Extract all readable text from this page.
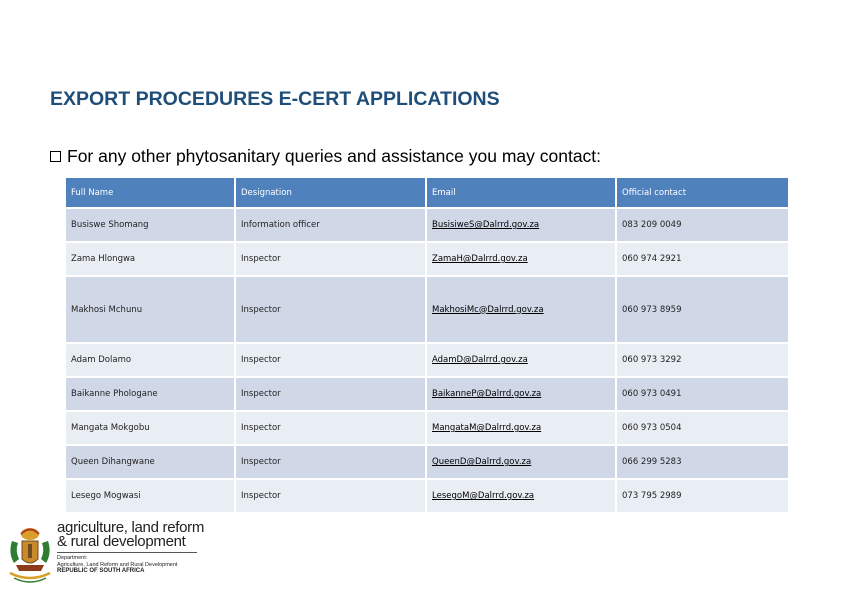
EXPORT PROCEDURES E-CERT APPLICATIONS
For any other phytosanitary queries and assistance you may contact:
Full Name	Designation	Email	Official contact
Busiswe Shomang	Information officer	BusisiweS@Dalrrd.gov.za	083 209 0049
Zama Hlongwa	Inspector	ZamaH@Dalrrd.gov.za	060 974 2921
Makhosi Mchunu	Inspector	MakhosiMc@Dalrrd.gov.za	060 973 8959
Adam Dolamo	Inspector	AdamD@Dalrrd.gov.za	060 973 3292
Baikanne Phologane	Inspector	BaikanneP@Dalrrd.gov.za	060 973 0491
Mangata Mokgobu	Inspector	MangataM@Dalrrd.gov.za	060 973 0504
Queen Dihangwane	Inspector	QueenD@Dalrrd.gov.za	066 299 5283
Lesego Mogwasi	Inspector	LesegoM@Dalrrd.gov.za	073 795 2989
agriculture, land reform
& rural development
Department:
Agriculture, Land Reform and Rural Development
REPUBLIC OF SOUTH AFRICA
